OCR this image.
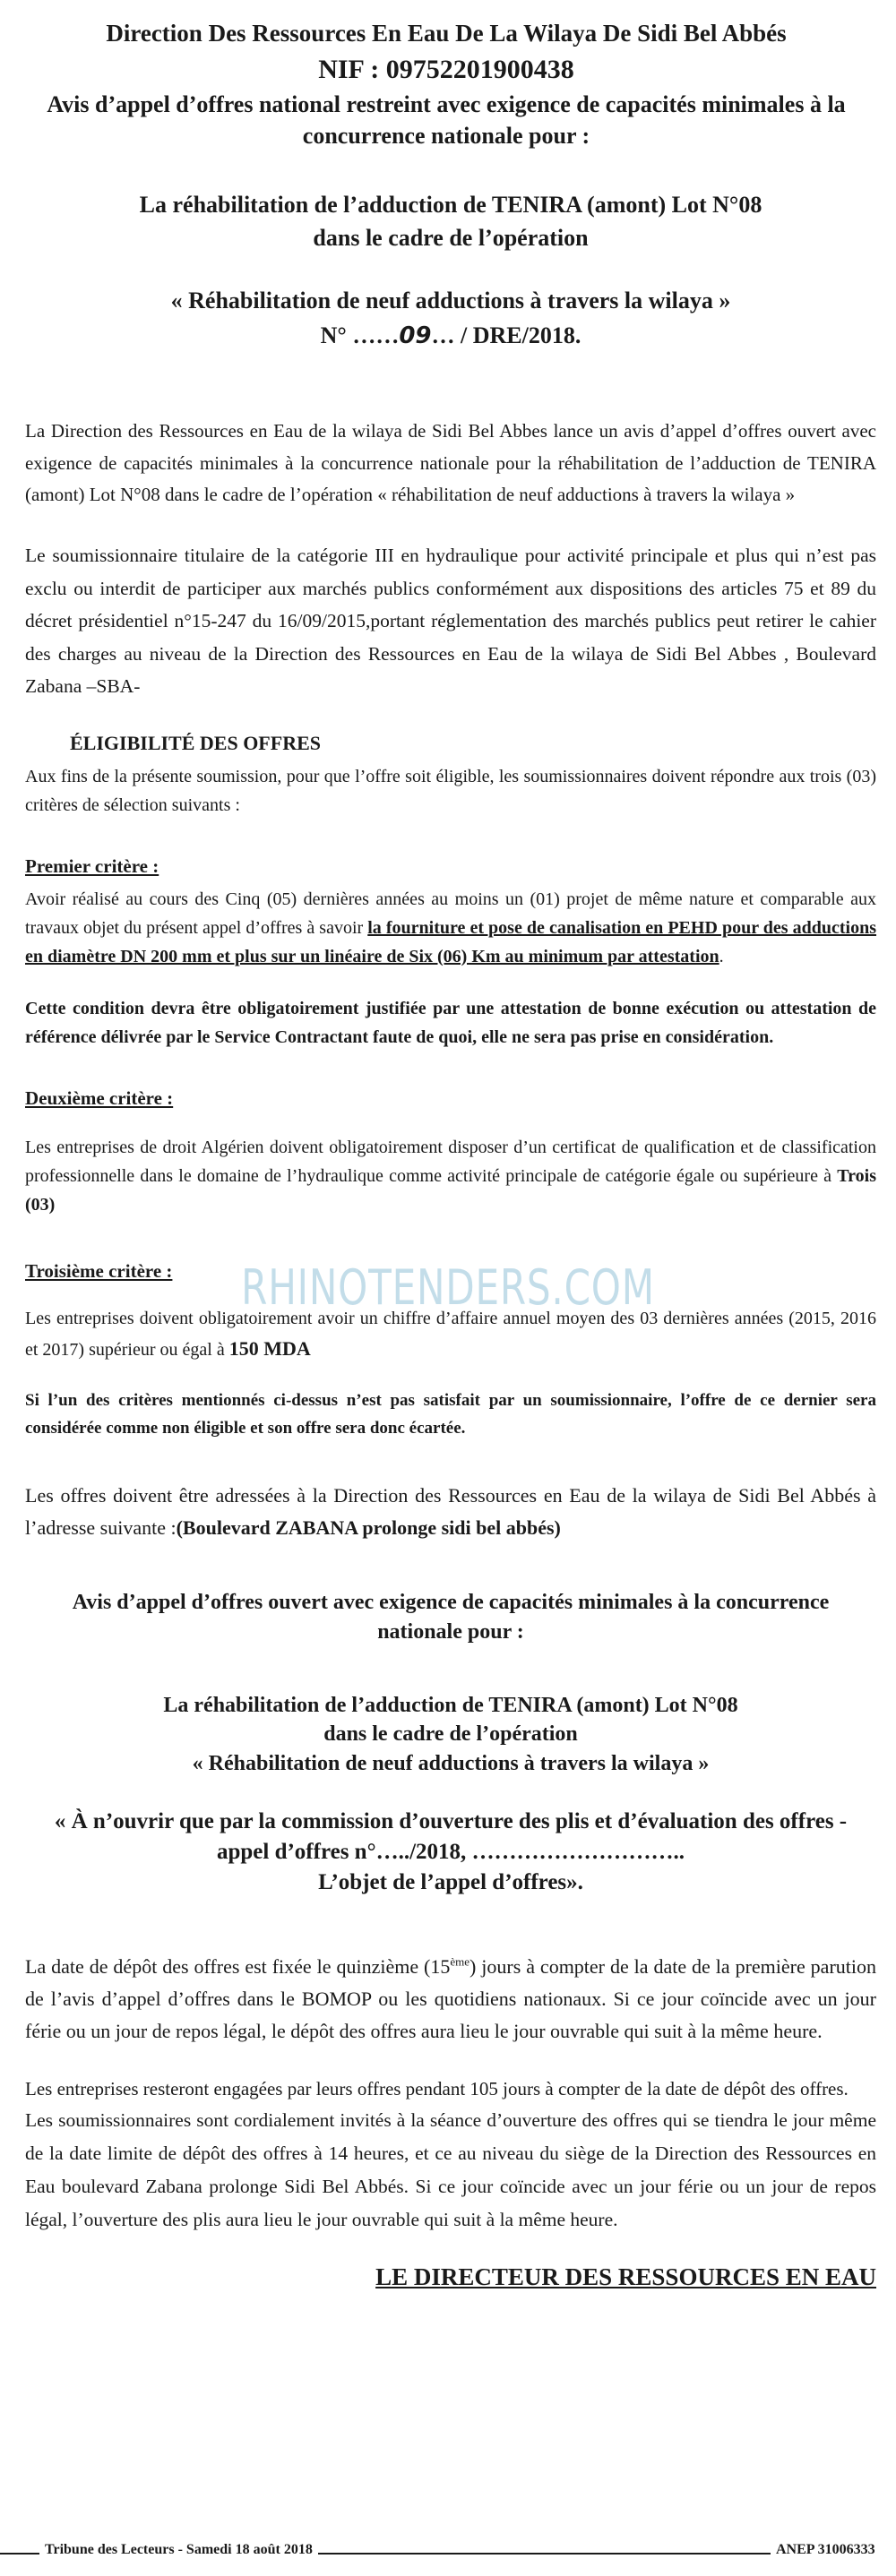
RHINOTENDERS.COM

Direction Des Ressources En Eau De La Wilaya De Sidi Bel Abbés

NIF : 09752201900438

Avis d’appel d’offres national restreint avec exigence de capacités minimales à la

concurrence nationale pour :

La réhabilitation de l’adduction de TENIRA (amont) Lot N°08

dans le cadre de l’opération

« Réhabilitation de neuf adductions à travers la wilaya »

N° ……09… / DRE/2018.

La Direction des Ressources en Eau de la wilaya de Sidi Bel Abbes lance un avis d’appel d’offres ouvert avec exigence de capacités minimales à la concurrence nationale pour la réhabilitation de l’adduction de TENIRA (amont) Lot N°08 dans le cadre de l’opération « réhabilitation de neuf adductions à travers la wilaya »

Le soumissionnaire titulaire de la catégorie III en hydraulique pour activité principale et plus qui n’est pas exclu ou interdit de participer aux marchés publics conformément aux dispositions des articles 75 et 89 du décret présidentiel n°15-247 du 16/09/2015,portant réglementation des marchés publics peut retirer le cahier des charges au niveau de la Direction des Ressources en Eau de la wilaya de Sidi Bel Abbes , Boulevard Zabana –SBA-

ÉLIGIBILITÉ DES OFFRES

Aux fins de la présente soumission, pour que l’offre soit éligible, les soumissionnaires doivent répondre aux trois (03) critères de sélection suivants :

Premier critère :

Avoir réalisé au cours des Cinq (05) dernières années au moins un (01) projet de même nature et comparable aux travaux objet du présent appel d’offres à savoir la fourniture et pose de canalisation en PEHD pour des adductions en diamètre DN 200 mm et plus sur un linéaire de Six (06) Km au minimum par attestation.

Cette condition devra être obligatoirement justifiée par une attestation de bonne exécution ou attestation de référence délivrée par le Service Contractant faute de quoi, elle ne sera pas prise en considération.

Deuxième critère :

Les entreprises de droit Algérien doivent obligatoirement disposer d’un certificat de qualification et de classification professionnelle dans le domaine de l’hydraulique comme activité principale de catégorie égale ou supérieure à Trois (03)

Troisième critère :

Les entreprises doivent obligatoirement avoir un chiffre d’affaire annuel moyen des 03 dernières années (2015, 2016 et 2017) supérieur ou égal à 150 MDA

Si l’un des critères mentionnés ci-dessus n’est pas satisfait par un soumissionnaire, l’offre de ce dernier sera considérée comme non éligible et son offre sera donc écartée.

Les offres doivent être adressées à la Direction des Ressources en Eau de la wilaya de Sidi Bel Abbés à l’adresse suivante :(Boulevard ZABANA prolonge sidi bel abbés)

Avis d’appel d’offres ouvert avec exigence de capacités minimales à la concurrence

nationale pour :

La réhabilitation de l’adduction de TENIRA (amont) Lot N°08

dans le cadre de l’opération

« Réhabilitation de neuf adductions à travers la wilaya »

« À n’ouvrir que par la commission d’ouverture des plis et d’évaluation des offres -

appel d’offres n°…../2018, ………………………..

L’objet de l’appel d’offres».

La date de dépôt des offres est fixée le quinzième (15ème) jours à compter de la date de la première parution de l’avis d’appel d’offres dans le BOMOP ou les quotidiens nationaux. Si ce jour coïncide avec un jour férie ou un jour de repos légal, le dépôt des offres aura lieu le jour ouvrable qui suit à la même heure.

Les entreprises resteront engagées par leurs offres pendant 105 jours à compter de la date de dépôt des offres.

Les soumissionnaires sont cordialement invités à la séance d’ouverture des offres qui se tiendra le jour même de la date limite de dépôt des offres à 14 heures, et ce au niveau du siège de la Direction des Ressources en Eau boulevard Zabana prolonge Sidi Bel Abbés. Si ce jour coïncide avec un jour férie ou un jour de repos légal, l’ouverture des plis aura lieu le jour ouvrable qui suit à la même heure.

LE DIRECTEUR DES RESSOURCES EN EAU

Tribune des Lecteurs - Samedi 18 août 2018	ANEP 31006333
